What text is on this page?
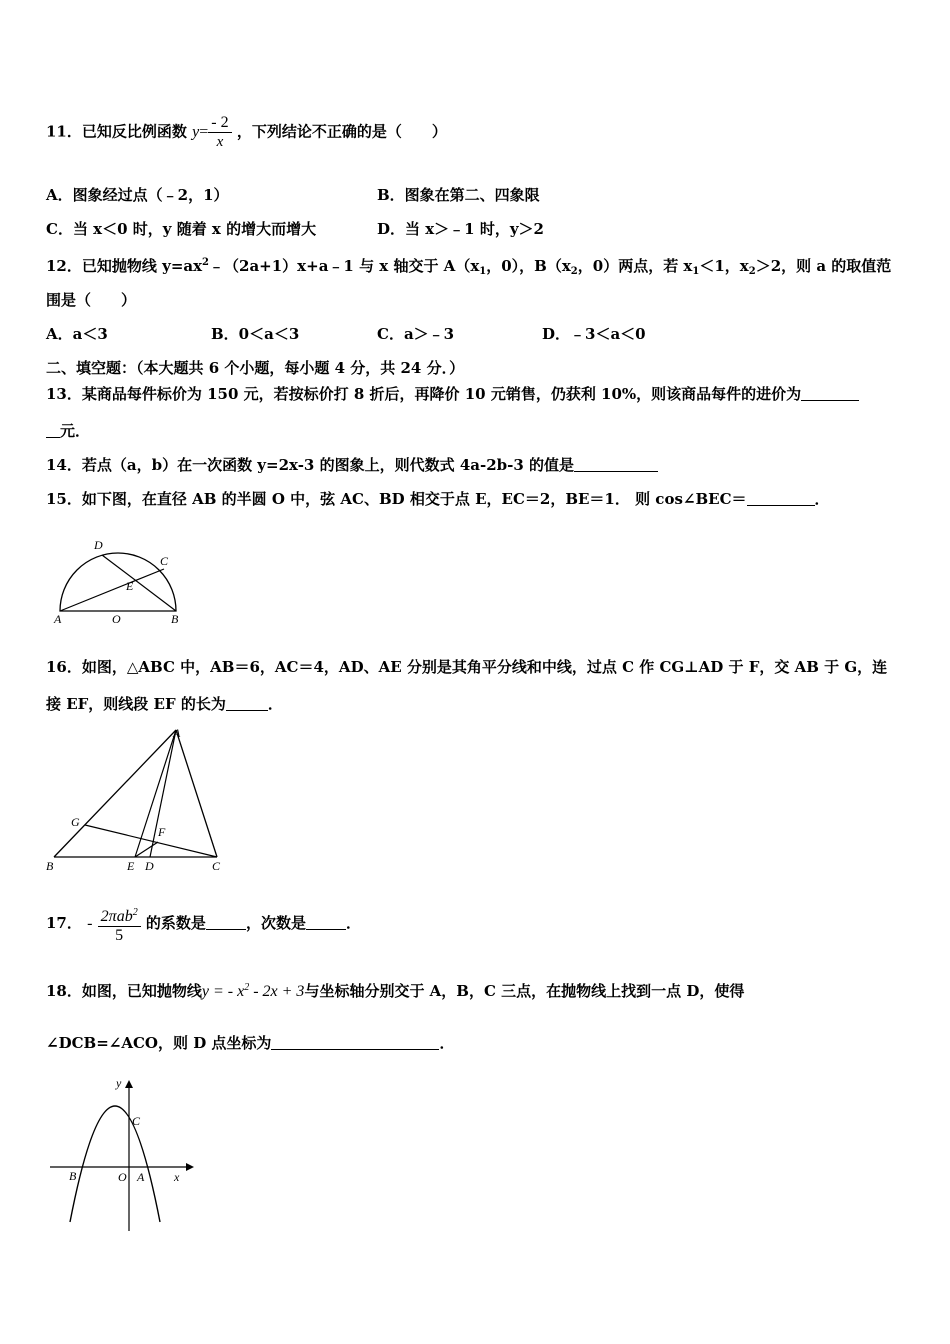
11．已知反比例函数 $y= \frac{- 2}{x}$ ，下列结论不正确的是（　　）
A．图象经过点（﹣2，1）	B．图象在第二、四象限
C．当 x＜0 时，y 随着 x 的增大而增大	D．当 x＞﹣1 时，y＞2
12．已知抛物线 $y=ax^2﹣(2a+1)x+a﹣1$ 与 x 轴交于 $A(x_1$，0），$B(x_2$，0）两点，若 $x_1<1$，$x_2>2$，则 a 的取值范
围是（　　）
A．a＜3	B．0＜a＜3	C．a＞﹣3	D．﹣3＜a＜0
二、填空题：（本大题共 6 个小题，每小题 4 分，共 24 分．）
13．某商品每件标价为 150 元，若按标价打 8 折后，再降价 10 元销售，仍获利 10%，则该商品每件的进价为
元．
14．若点（a，b）在一次函数 y=2x-3 的图象上，则代数式 4a-2b-3 的值是
15．如下图，在直径 AB 的半圆 O 中，弦 AC、BD 相交于点 E，EC＝2，BE＝1． 则 cos∠BEC＝	．
D
C
E
A	O	B
16．如图，△ABC 中，AB＝6，AC＝4，AD、AE 分别是其角平分线和中线，过点 C 作 CG⊥AD 于 F，交 AB 于 G，连
接 EF，则线段 EF 的长为	．
A
G
F
B	E D	C
17． - $\frac{2\pi ab^2}{5}$ 的系数是	，次数是	．
18．如图，已知抛物线y = - $x^2 - 2x + 3$与坐标轴分别交于 A，B，C 三点，在抛物线上找到一点 D，使得
∠DCB=∠ACO，则 D 点坐标为	．
y
x
C
B	O A
